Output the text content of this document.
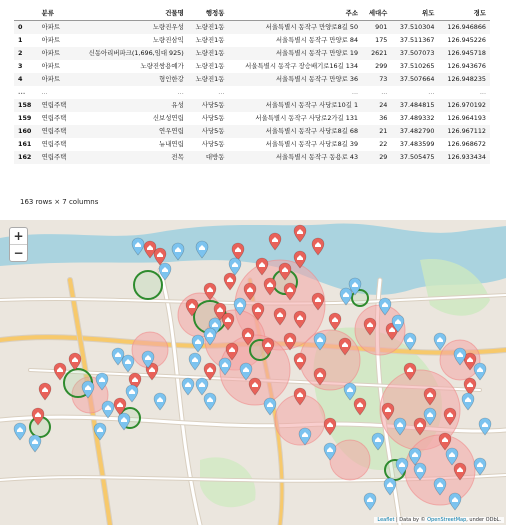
	분류	건물명	행정동	주소	세대수	위도	경도
0	아파트	노량진우성	노량진1동	서울특별시 동작구 만양로8길 50	901	37.510304	126.946866
1	아파트	노량진삼익	노량진1동	서울특별시 동작구 만양로 84	175	37.511367	126.945226
2	아파트	신동아리버파크(1,696,임대 925)	노량진1동	서울특별시 동작구 만양로 19	2621	37.507073	126.945718
3	아파트	노량진쌍용예가	노량진1동	서울특별시 동작구 장승배기로16길 134	299	37.510265	126.943676
4	아파트	형인한강	노량진1동	서울특별시 동작구 만양로 36	73	37.507664	126.948235
...	...	...	...	...	...	...	...
158	연립주택	유성	사당5동	서울특별시 동작구 사당로10길 1	24	37.484815	126.970192
159	연립주택	신보성연립	사당5동	서울특별시 동작구 사당로2가길 131	36	37.489332	126.964193
160	연립주택	연우연립	사당5동	서울특별시 동작구 사당로8길 68	21	37.482790	126.967112
161	연립주택	뉴내연립	사당5동	서울특별시 동작구 사당로8길 39	22	37.483599	126.968672
162	연립주택	전목	대방동	서울특별시 동작구 동용로 43	29	37.505475	126.933434
163 rows × 7 columns
+
−
Leaflet | Data by © OpenStreetMap, under ODbL.
